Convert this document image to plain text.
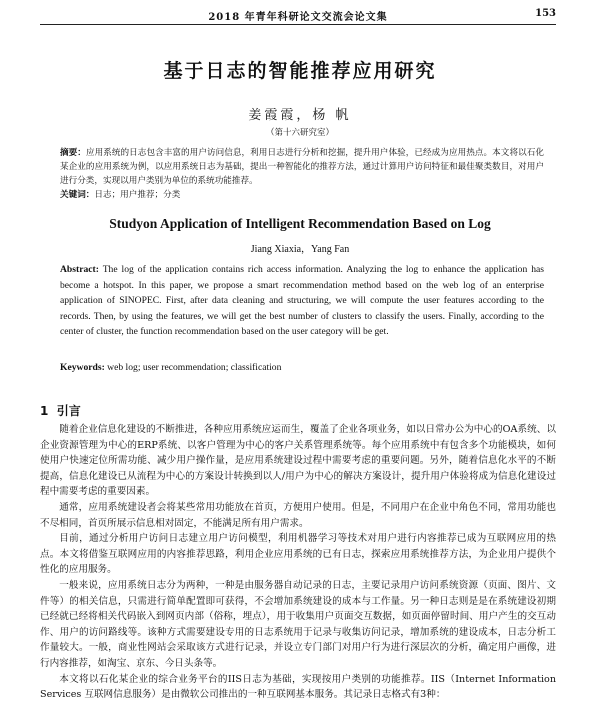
2018 年青年科研论文交流会论文集	153
基于日志的智能推荐应用研究
姜霞霞，杨 帆
（第十六研究室）
摘要：应用系统的日志包含丰富的用户访问信息，利用日志进行分析和挖掘，提升用户体验，已经成为应用热点。本文将以石化某企业的应用系统为例，以应用系统日志为基础，提出一种智能化的推荐方法，通过计算用户访问特征和最佳聚类数目，对用户进行分类，实现以用户类别为单位的系统功能推荐。
关键词：日志；用户推荐；分类
Studyon Application of Intelligent Recommendation Based on Log
Jiang Xiaxia，Yang Fan
Abstract: The log of the application contains rich access information. Analyzing the log to enhance the application has become a hotspot. In this paper, we propose a smart recommendation method based on the web log of an enterprise application of SINOPEC. First, after data cleaning and structuring, we will compute the user features according to the records. Then, by using the features, we will get the best number of clusters to classify the users. Finally, according to the center of cluster, the function recommendation based on the user category will be get.
Keywords: web log; user recommendation; classification
1 引言

随着企业信息化建设的不断推进，各种应用系统应运而生，覆盖了企业各项业务，如以日常办公为中心的OA系统、以企业资源管理为中心的ERP系统、以客户管理为中心的客户关系管理系统等。每个应用系统中有包含多个功能模块，如何使用户快速定位所需功能、减少用户操作量，是应用系统建设过程中需要考虑的重要问题。另外，随着信息化水平的不断提高，信息化建设已从流程为中心的方案设计转换到以人/用户为中心的解决方案设计，提升用户体验将成为信息化建设过程中需要考虑的重要因素。

通常，应用系统建设者会将某些常用功能放在首页，方便用户使用。但是，不同用户在企业中角色不同，常用功能也不尽相同，首页所展示信息相对固定，不能满足所有用户需求。

目前，通过分析用户访问日志建立用户访问模型，利用机器学习等技术对用户进行内容推荐已成为互联网应用的热点。本文将借鉴互联网应用的内容推荐思路，利用企业应用系统的已有日志，探索应用系统推荐方法，为企业用户提供个性化的应用服务。

一般来说，应用系统日志分为两种，一种是由服务器自动记录的日志，主要记录用户访问系统资源（页面、图片、文件等）的相关信息，只需进行简单配置即可获得，不会增加系统建设的成本与工作量。另一种日志则是是在系统建设初期已经就已经将相关代码嵌入到网页内部（俗称，埋点），用于收集用户页面交互数据，如页面停留时间、用户产生的交互动作、用户的访问路线等。该种方式需要建设专用的日志系统用于记录与收集访问记录，增加系统的建设成本，日志分析工作量较大。一般，商业性网站会采取该方式进行记录，并设立专门部门对用户行为进行深层次的分析，确定用户画像，进行内容推荐，如淘宝、京东、今日头条等。

本文将以石化某企业的综合业务平台的IIS日志为基础，实现按用户类别的功能推荐。IIS（Internet Information Services 互联网信息服务）是由微软公司推出的一种互联网基本服务。其记录日志格式有3种：
